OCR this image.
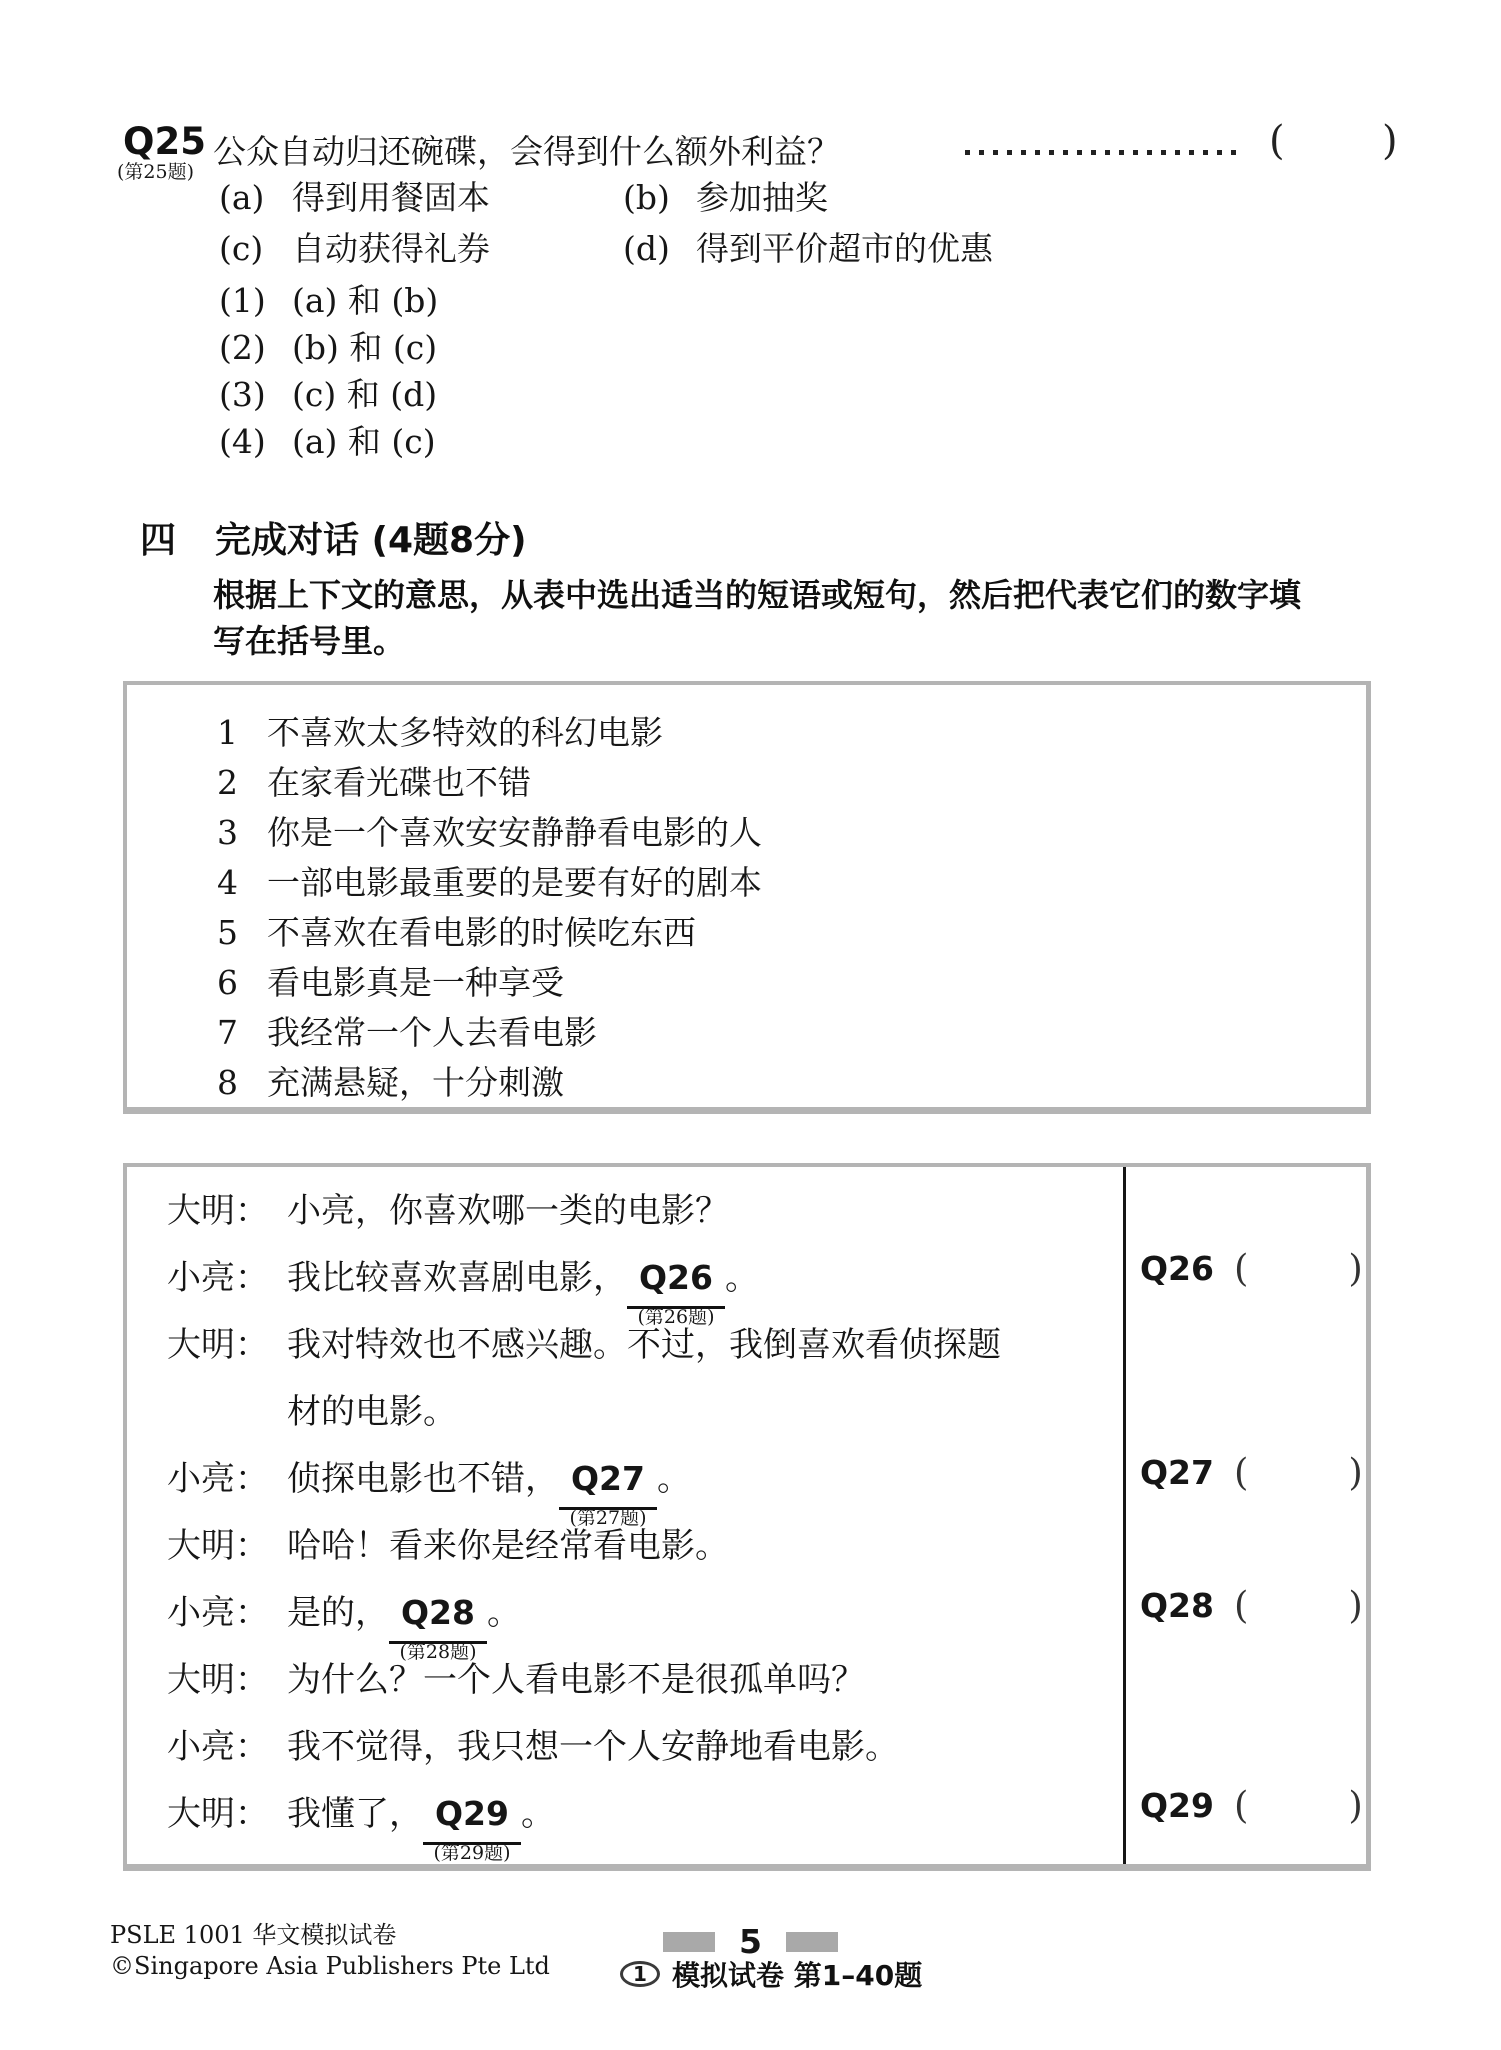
Q25 公众自动归还碗碟，会得到什么额外利益？	( )
(第25题)
(a) 得到用餐固本	(b) 参加抽奖
(c) 自动获得礼券	(d) 得到平价超市的优惠
(1) (a) 和 (b)
(2) (b) 和 (c)
(3) (c) 和 (d)
(4) (a) 和 (c)
四 完成对话 (4题8分)
根据上下文的意思，从表中选出适当的短语或短句，然后把代表它们的数字填写在括号里。
1 不喜欢太多特效的科幻电影
2 在家看光碟也不错
3 你是一个喜欢安安静静看电影的人
4 一部电影最重要的是要有好的剧本
5 不喜欢在看电影的时候吃东西
6 看电影真是一种享受
7 我经常一个人去看电影
8 充满悬疑，十分刺激
大明： 小亮，你喜欢哪一类的电影？
小亮： 我比较喜欢喜剧电影， Q26
(第26题)
。
大明： 我对特效也不感兴趣。不过，我倒喜欢看侦探题
材的电影。
小亮： 侦探电影也不错， Q27
(第27题)
。
大明： 哈哈！看来你是经常看电影。
小亮： 是的， Q28
(第28题)
。
大明： 为什么？一个人看电影不是很孤单吗？
小亮： 我不觉得，我只想一个人安静地看电影。
大明： 我懂了， Q29
(第29题)
。
Q26 (	)
Q27 (	)
Q28 (	)
Q29 (	)
PSLE 1001 华文模拟试卷
©Singapore Asia Publishers Pte Ltd
5
1 模拟试卷 第1–40题
